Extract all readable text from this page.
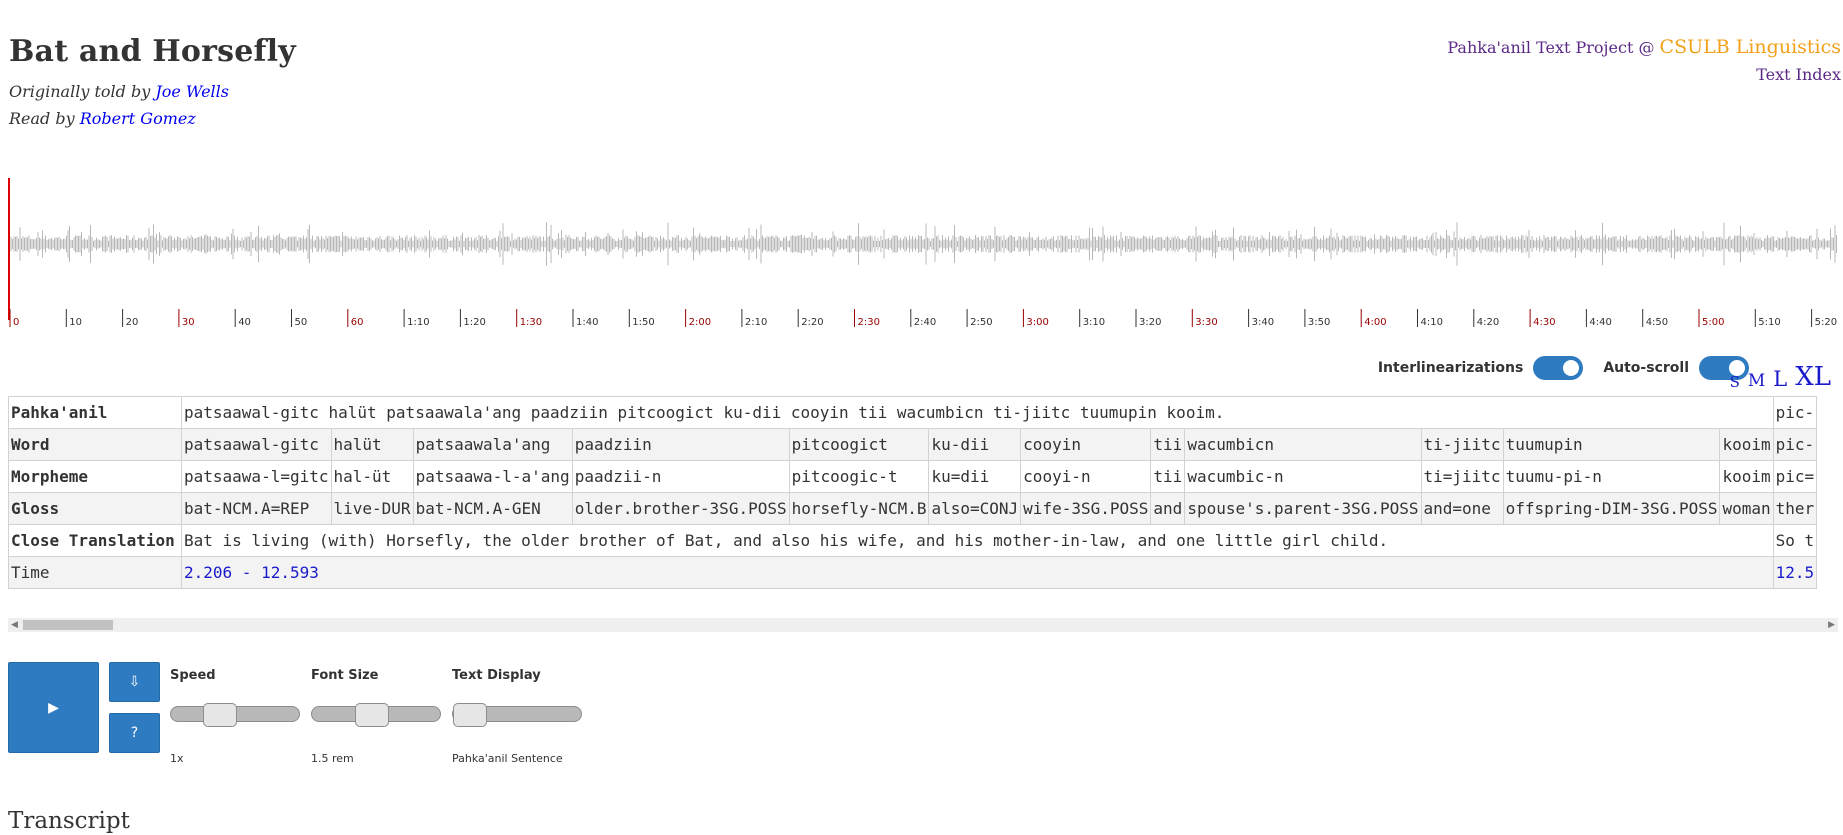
Bat and Horsefly
Originally told by Joe Wells
Read by Robert Gomez
Pahka'anil Text Project @ CSULB Linguistics
Text Index
0	10	20	30	40	50	60	1:10	1:20	1:30	1:40	1:50	2:00	2:10	2:20	2:30	2:40	2:50	3:00	3:10	3:20	3:30	3:40	3:50	4:00	4:10	4:20	4:30	4:40	4:50	5:00	5:10	5:20
Interlinearizations	Auto-scroll
S M L XL
Pahka'anil	patsaawal-gitc halüt patsaawala'ang paadziin pitcoogict ku-dii cooyin tii wacumbicn ti-jiitc tuumupin kooim.												pic-
Word	patsaawal-gitc	halüt	patsaawala'ang	paadziin	pitcoogict	ku-dii	cooyin	tii	wacumbicn	ti-jiitc	tuumupin	kooim	pic-
Morpheme	patsaawa-l=gitc	hal-üt	patsaawa-l-a'ang	paadzii-n	pitcoogic-t	ku=dii	cooyi-n	tii	wacumbic-n	ti=jiitc	tuumu-pi-n	kooim	pic=
Gloss	bat-NCM.A=REP	live-DUR	bat-NCM.A-GEN	older.brother-3SG.POSS	horsefly-NCM.B	also=CONJ	wife-3SG.POSS	and	spouse's.parent-3SG.POSS	and=one	offspring-DIM-3SG.POSS	woman	ther
Close Translation	Bat is living (with) Horsefly, the older brother of Bat, and also his wife, and his mother-in-law, and one little girl child.												So t
Time	2.206 - 12.593												12.5
◀	▶
▶
⇩
?
Speed
1x
Font Size
1.5 rem
Text Display
Pahka'anil Sentence
Transcript
